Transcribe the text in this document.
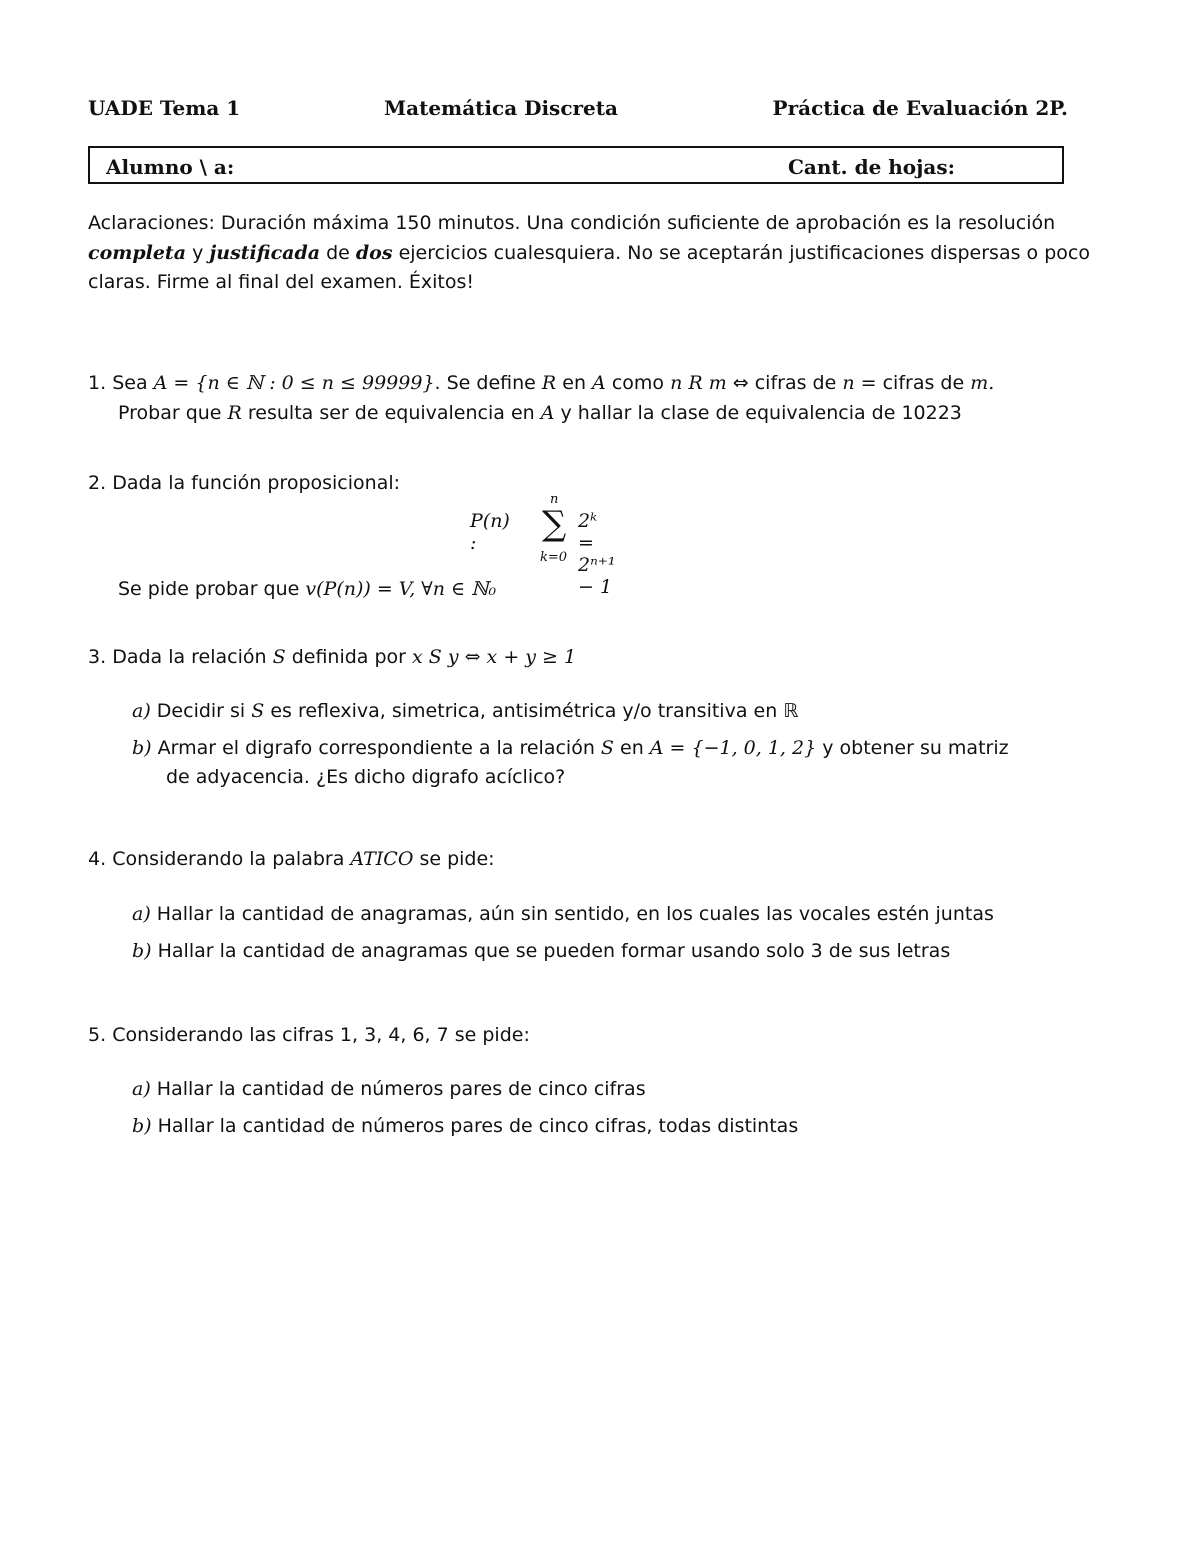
UADE Tema 1	Matemática Discreta	Práctica de Evaluación 2P.
Alumno \ a:	Cant. de hojas:
Aclaraciones: Duración máxima 150 minutos. Una condición suficiente de aprobación es la resolución
completa y justificada de dos ejercicios cualesquiera. No se aceptarán justificaciones dispersas o poco
claras. Firme al final del examen. Éxitos!
1. Sea A = {n ∈ ℕ : 0 ≤ n ≤ 99999}. Se define R en A como n R m ⇔ cifras de n = cifras de m.
Probar que R resulta ser de equivalencia en A y hallar la clase de equivalencia de 10223
2. Dada la función proposicional:
P(n) :
n
∑
k=0
2ᵏ = 2ⁿ⁺¹ − 1
Se pide probar que v(P(n)) = V, ∀n ∈ ℕ₀
3. Dada la relación S definida por x S y ⇔ x + y ≥ 1
a) Decidir si S es reflexiva, simetrica, antisimétrica y/o transitiva en ℝ
b) Armar el digrafo correspondiente a la relación S en A = {−1, 0, 1, 2} y obtener su matriz
de adyacencia. ¿Es dicho digrafo acíclico?
4. Considerando la palabra ATICO se pide:
a) Hallar la cantidad de anagramas, aún sin sentido, en los cuales las vocales estén juntas
b) Hallar la cantidad de anagramas que se pueden formar usando solo 3 de sus letras
5. Considerando las cifras 1, 3, 4, 6, 7 se pide:
a) Hallar la cantidad de números pares de cinco cifras
b) Hallar la cantidad de números pares de cinco cifras, todas distintas
